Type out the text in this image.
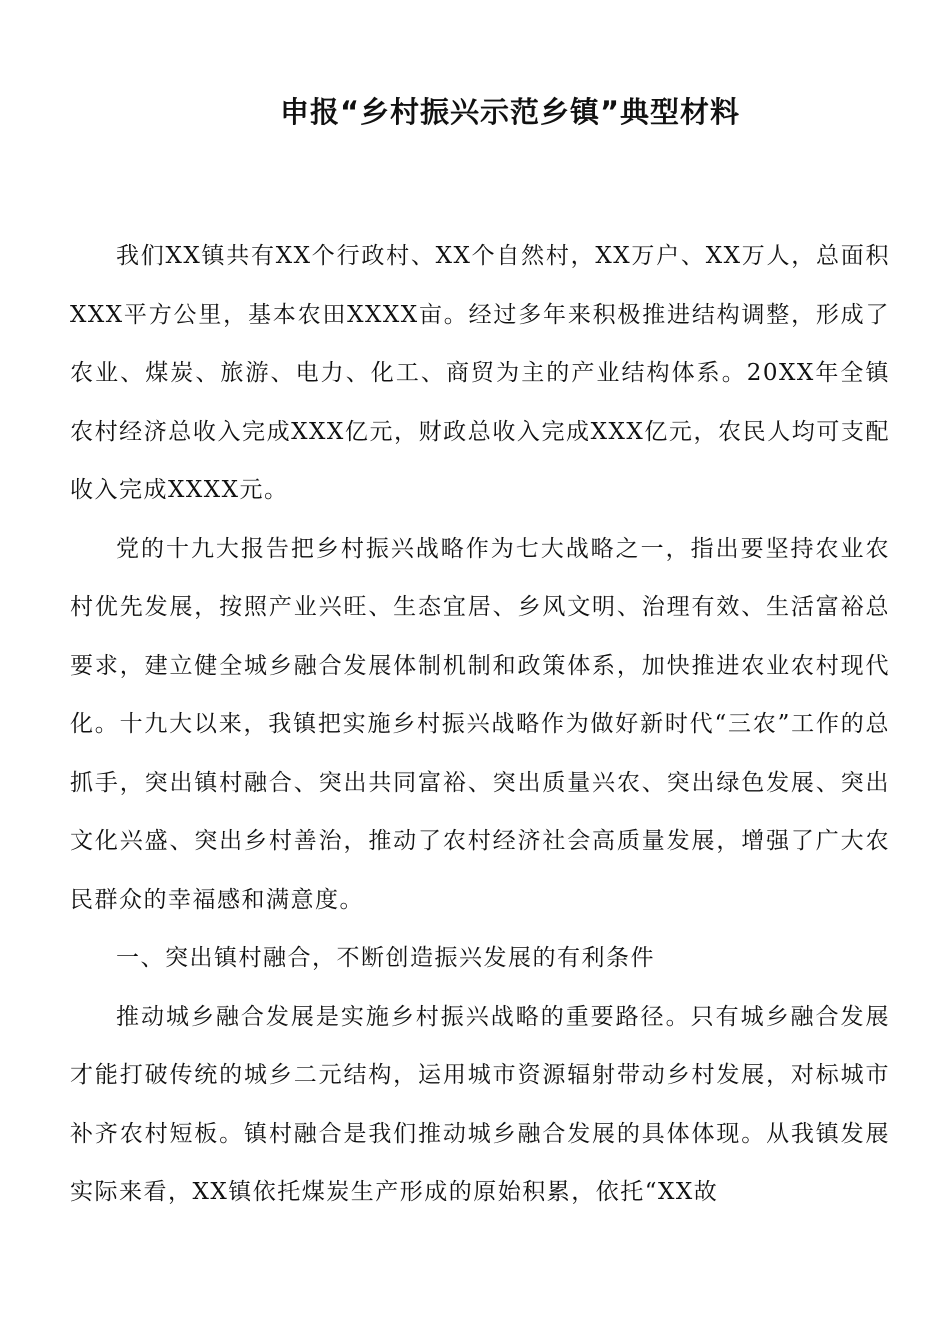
申报“乡村振兴示范乡镇”典型材料

我们XX镇共有XX个行政村、XX个自然村，XX万户、XX万人，总面积XXX平方公里，基本农田XXXX亩。经过多年来积极推进结构调整，形成了农业、煤炭、旅游、电力、化工、商贸为主的产业结构体系。20XX年全镇农村经济总收入完成XXX亿元，财政总收入完成XXX亿元，农民人均可支配收入完成XXXX元。

党的十九大报告把乡村振兴战略作为七大战略之一，指出要坚持农业农村优先发展，按照产业兴旺、生态宜居、乡风文明、治理有效、生活富裕总要求，建立健全城乡融合发展体制机制和政策体系，加快推进农业农村现代化。十九大以来，我镇把实施乡村振兴战略作为做好新时代“三农”工作的总抓手，突出镇村融合、突出共同富裕、突出质量兴农、突出绿色发展、突出文化兴盛、突出乡村善治，推动了农村经济社会高质量发展，增强了广大农民群众的幸福感和满意度。

一、突出镇村融合，不断创造振兴发展的有利条件

推动城乡融合发展是实施乡村振兴战略的重要路径。只有城乡融合发展才能打破传统的城乡二元结构，运用城市资源辐射带动乡村发展，对标城市补齐农村短板。镇村融合是我们推动城乡融合发展的具体体现。从我镇发展实际来看，XX镇依托煤炭生产形成的原始积累，依托“XX故
